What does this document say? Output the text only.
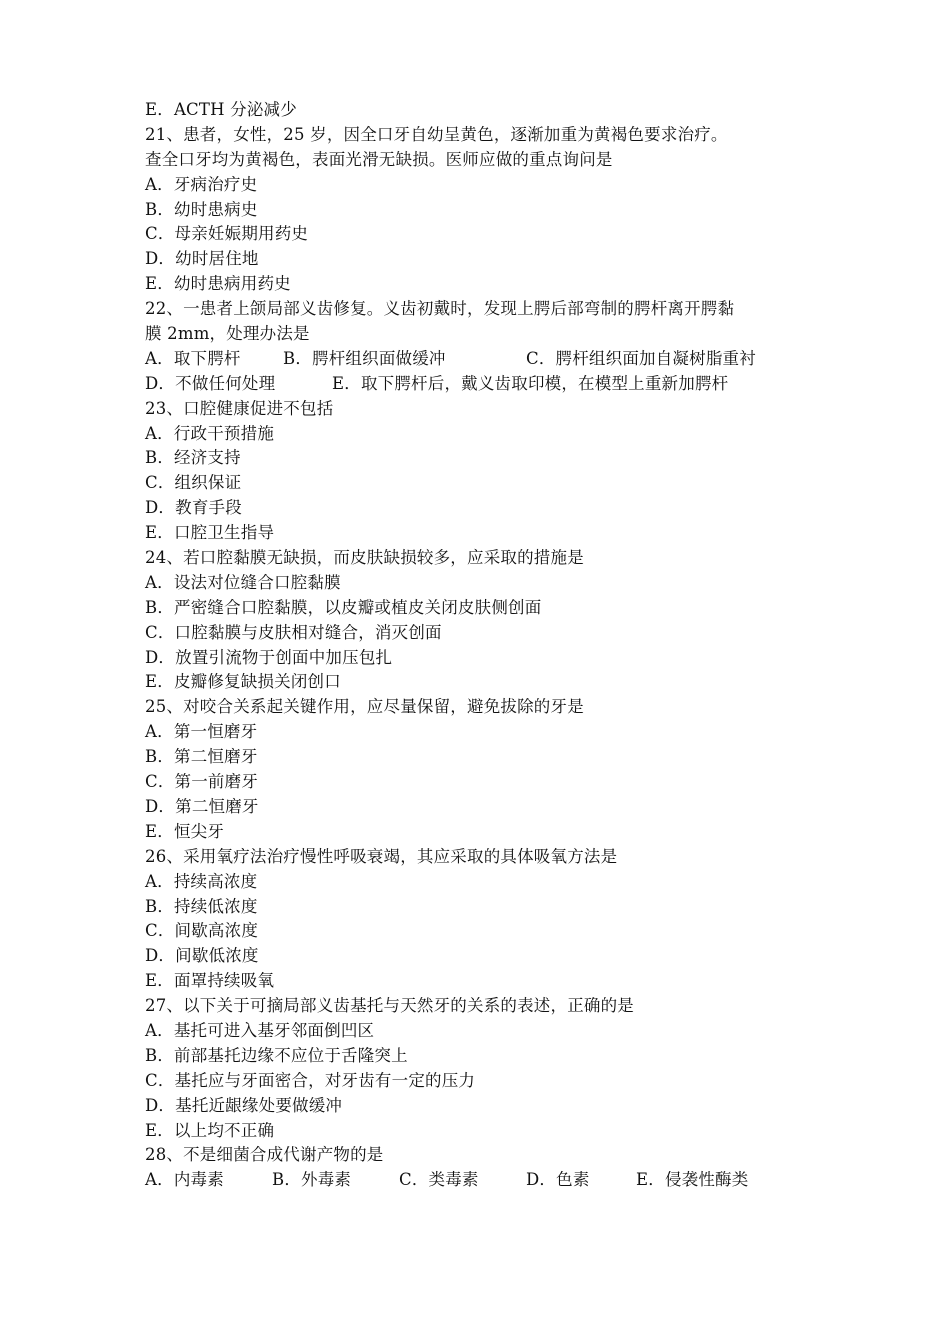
E．ACTH 分泌减少
21、患者，女性，25 岁，因全口牙自幼呈黄色，逐渐加重为黄褐色要求治疗。
查全口牙均为黄褐色，表面光滑无缺损。医师应做的重点询问是
A．牙病治疗史
B．幼时患病史
C．母亲妊娠期用药史
D．幼时居住地
E．幼时患病用药史
22、一患者上颌局部义齿修复。义齿初戴时，发现上腭后部弯制的腭杆离开腭黏
膜 2mm，处理办法是
A．取下腭杆	B．腭杆组织面做缓冲	C．腭杆组织面加自凝树脂重衬
D．不做任何处理	E．取下腭杆后，戴义齿取印模，在模型上重新加腭杆
23、口腔健康促进不包括
A．行政干预措施
B．经济支持
C．组织保证
D．教育手段
E．口腔卫生指导
24、若口腔黏膜无缺损，而皮肤缺损较多，应采取的措施是
A．设法对位缝合口腔黏膜
B．严密缝合口腔黏膜，以皮瓣或植皮关闭皮肤侧创面
C．口腔黏膜与皮肤相对缝合，消灭创面
D．放置引流物于创面中加压包扎
E．皮瓣修复缺损关闭创口
25、对咬合关系起关键作用，应尽量保留，避免拔除的牙是
A．第一恒磨牙
B．第二恒磨牙
C．第一前磨牙
D．第二恒磨牙
E．恒尖牙
26、采用氧疗法治疗慢性呼吸衰竭，其应采取的具体吸氧方法是
A．持续高浓度
B．持续低浓度
C．间歇高浓度
D．间歇低浓度
E．面罩持续吸氧
27、以下关于可摘局部义齿基托与天然牙的关系的表述，正确的是
A．基托可进入基牙邻面倒凹区
B．前部基托边缘不应位于舌隆突上
C．基托应与牙面密合，对牙齿有一定的压力
D．基托近龈缘处要做缓冲
E．以上均不正确
28、不是细菌合成代谢产物的是
A．内毒素	B．外毒素	C．类毒素	D．色素	E．侵袭性酶类
